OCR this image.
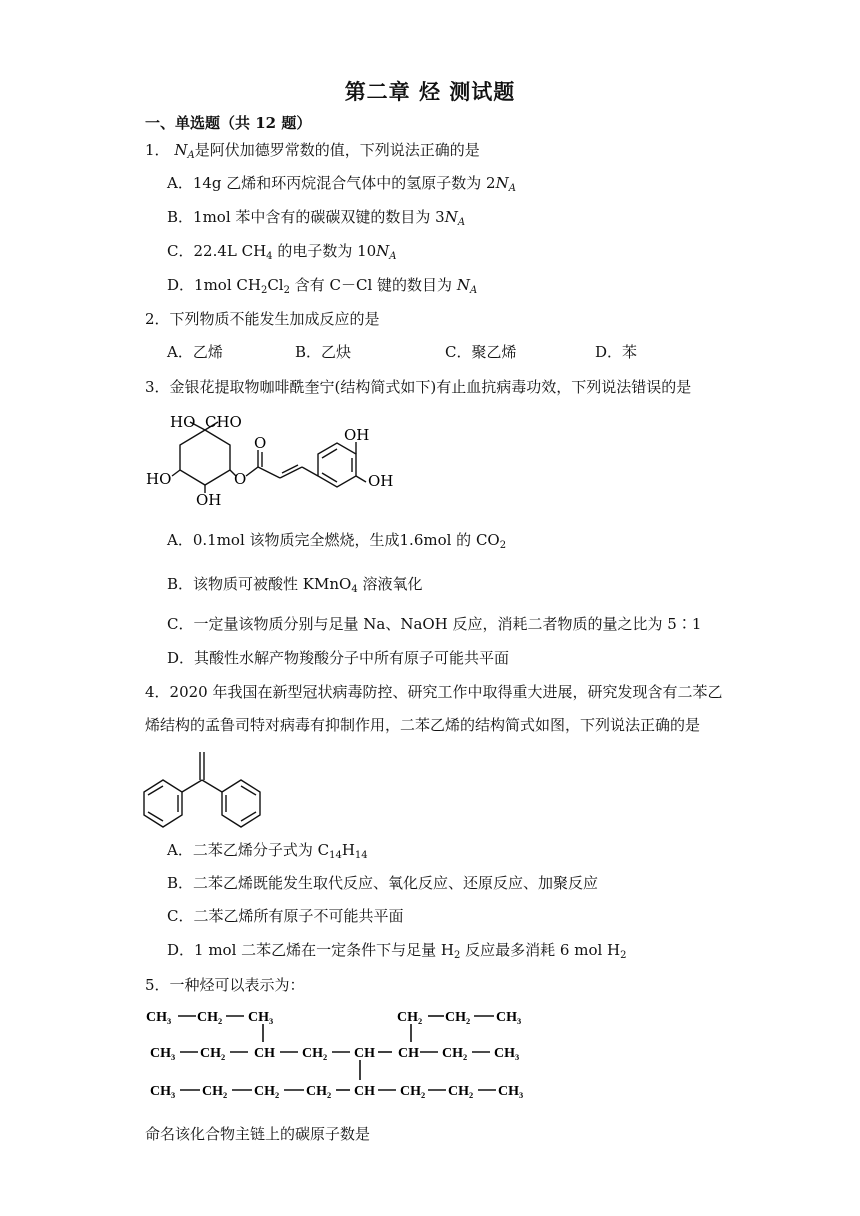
第二章 烃 测试题
一、单选题（共 12 题）
1． $N_A$是阿伏加德罗常数的值，下列说法正确的是
A．14g 乙烯和环丙烷混合气体中的氢原子数为 $2N_A$
B．1mol 苯中含有的碳碳双键的数目为 $3N_A$
C．22.4L $CH_4$ 的电子数为 $10N_A$
D．1mol $CH_2Cl_2$ 含有 C－Cl 键的数目为 $N_A$
2．下列物质不能发生加成反应的是
A．乙烯	B．乙炔	C．聚乙烯	D．苯
3．金银花提取物咖啡酰奎宁(结构简式如下)有止血抗病毒功效，下列说法错误的是
HO CHO
HO
OH
O
O	OH
OH
A．0.1mol 该物质完全燃烧，生成1.6mol 的 $CO_2$
B．该物质可被酸性 KMnO$_4$ 溶液氧化
C．一定量该物质分别与足量 Na、NaOH 反应，消耗二者物质的量之比为 5∶1
D．其酸性水解产物羧酸分子中所有原子可能共平面
4．2020 年我国在新型冠状病毒防控、研究工作中取得重大进展，研究发现含有二苯乙
烯结构的孟鲁司特对病毒有抑制作用，二苯乙烯的结构简式如图，下列说法正确的是
A．二苯乙烯分子式为 $C_{14}H_{14}$
B．二苯乙烯既能发生取代反应、氧化反应、还原反应、加聚反应
C．二苯乙烯所有原子不可能共平面
D．1 mol 二苯乙烯在一定条件下与足量 $H_2$ 反应最多消耗 6 mol $H_2$
5．一种烃可以表示为：
CH₃ CH₂ CH₃	CH₂ CH₂ CH₃
CH₃ CH₂ CH CH₂ CH CH CH₂ CH₃
CH₃ CH₂ CH₂ CH₂ CH CH₂ CH₂ CH₃
命名该化合物主链上的碳原子数是
